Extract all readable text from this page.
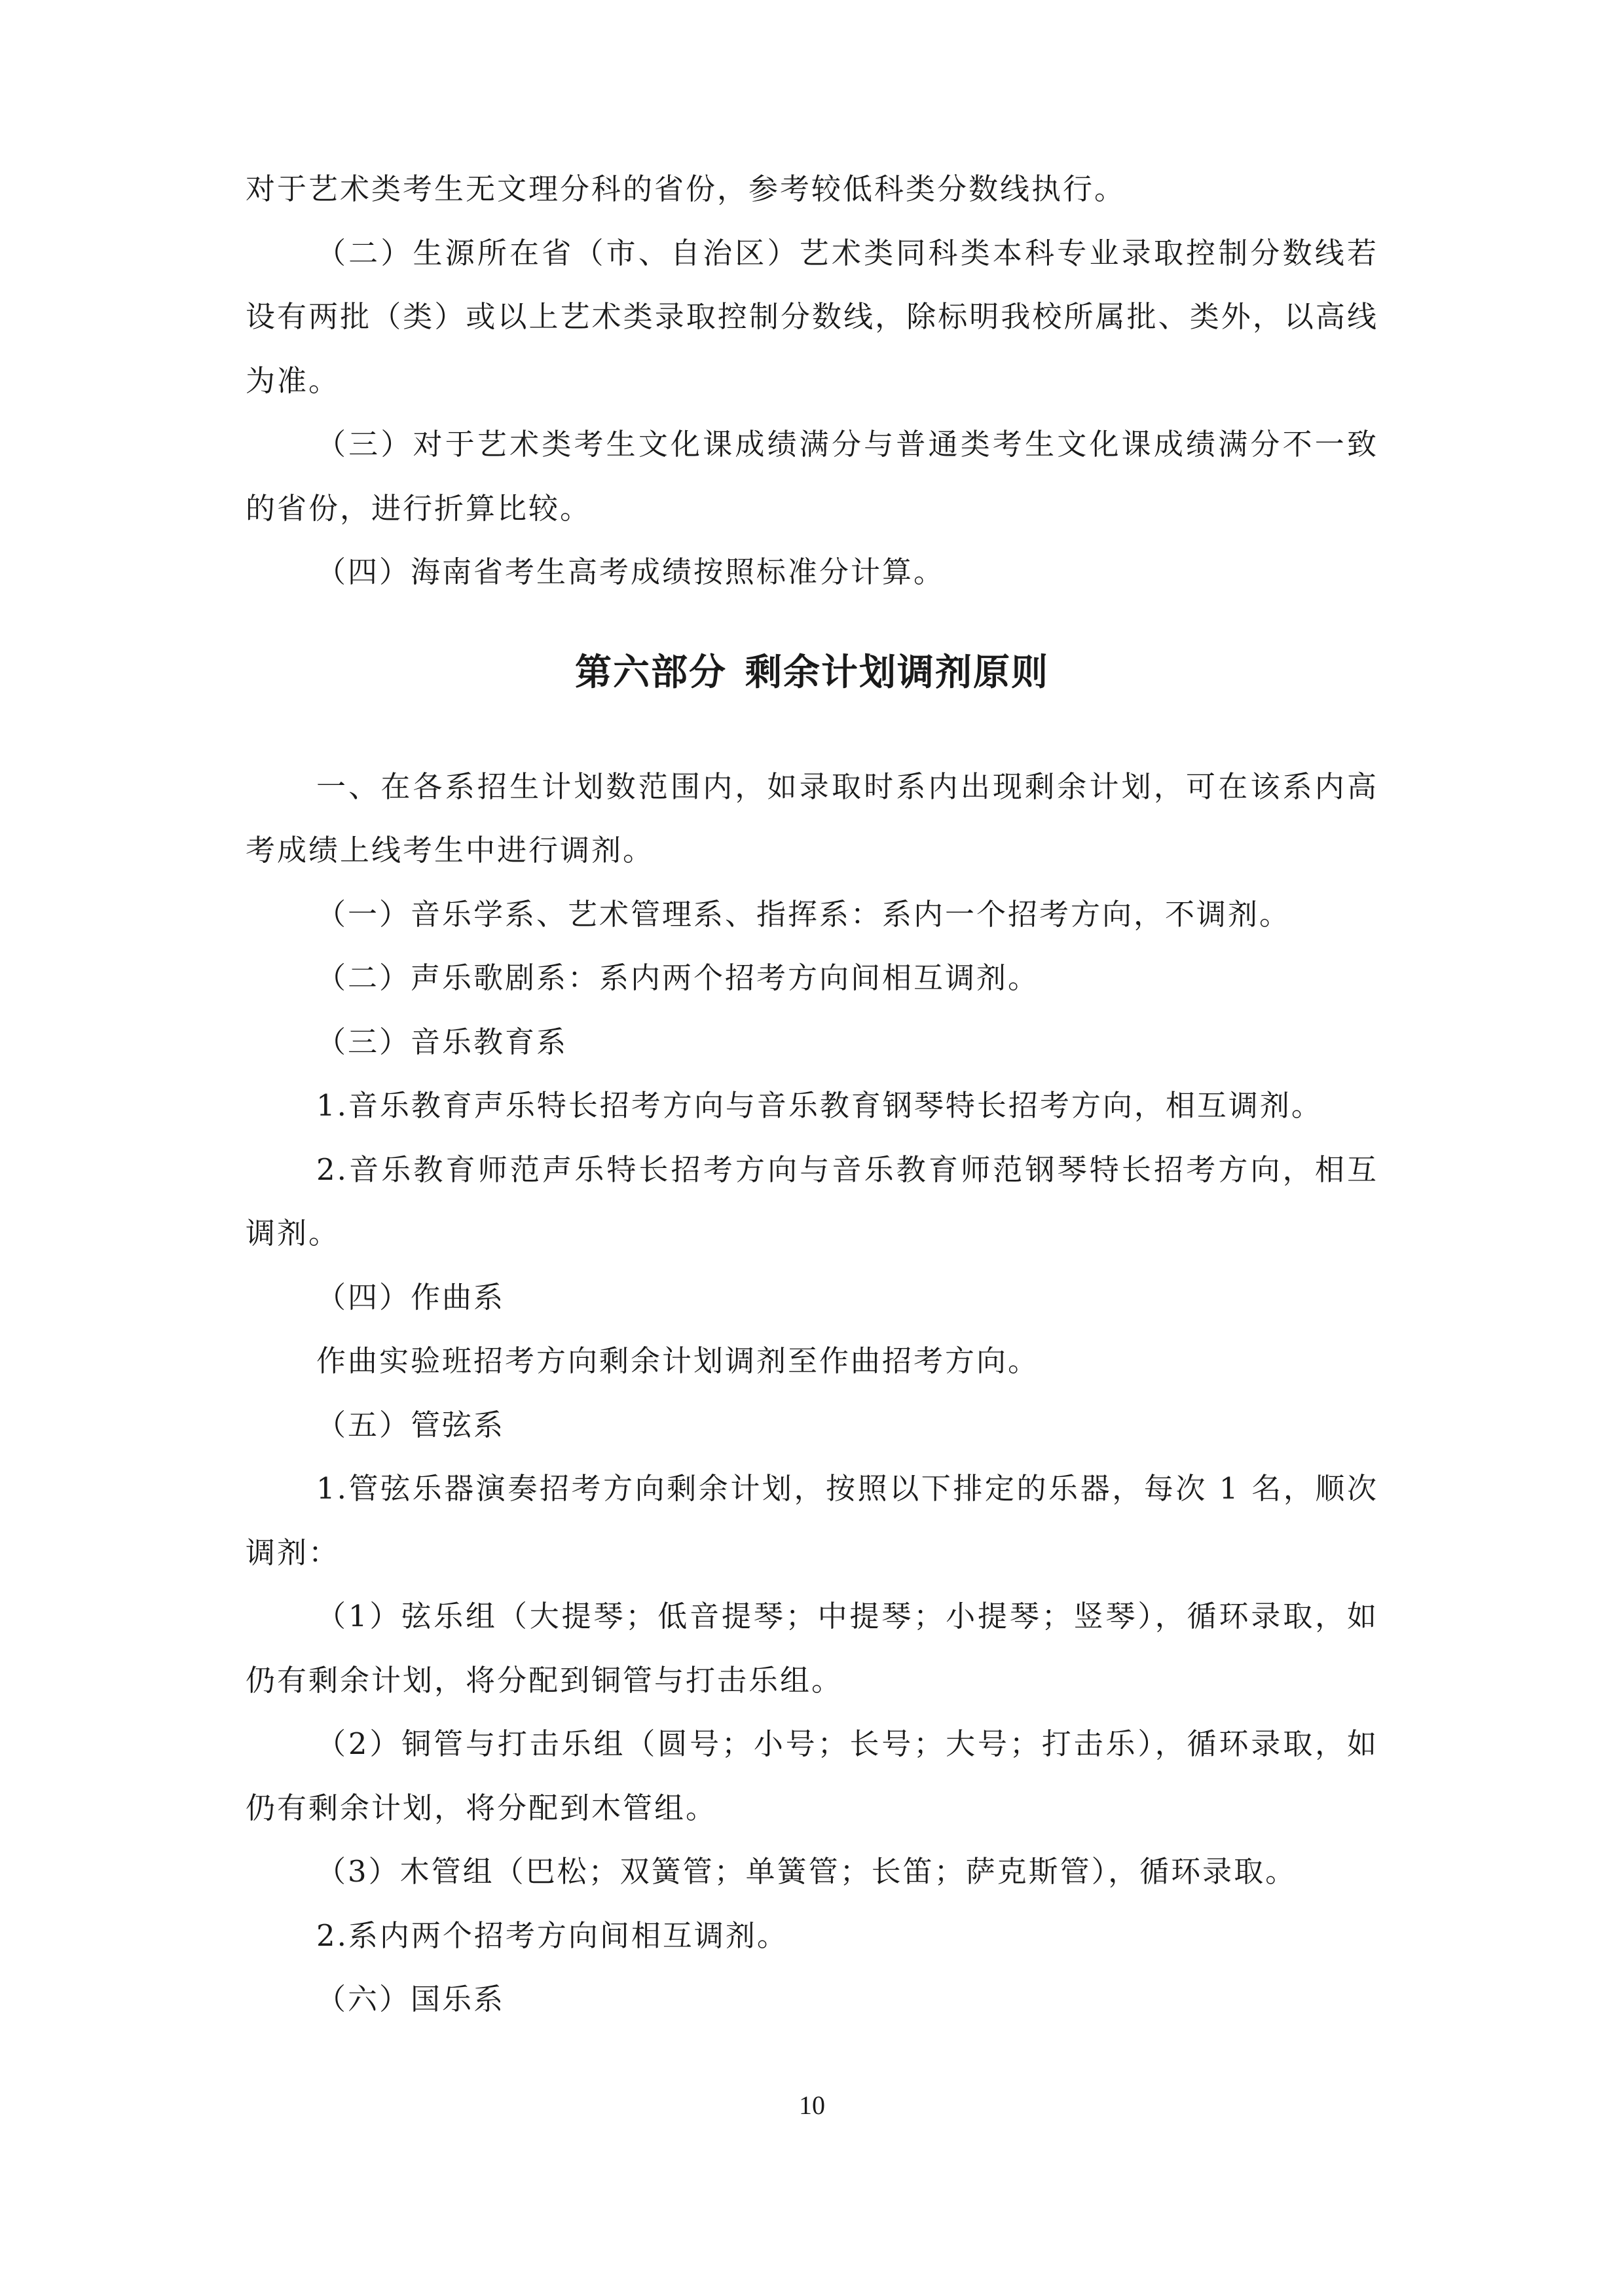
对于艺术类考生无文理分科的省份，参考较低科类分数线执行。

（二）生源所在省（市、自治区）艺术类同科类本科专业录取控制分数线若设有两批（类）或以上艺术类录取控制分数线，除标明我校所属批、类外，以高线为准。

（三）对于艺术类考生文化课成绩满分与普通类考生文化课成绩满分不一致的省份，进行折算比较。

（四）海南省考生高考成绩按照标准分计算。

第六部分 剩余计划调剂原则

一、在各系招生计划数范围内，如录取时系内出现剩余计划，可在该系内高考成绩上线考生中进行调剂。

（一）音乐学系、艺术管理系、指挥系：系内一个招考方向，不调剂。

（二）声乐歌剧系：系内两个招考方向间相互调剂。

（三）音乐教育系

1.音乐教育声乐特长招考方向与音乐教育钢琴特长招考方向，相互调剂。

2.音乐教育师范声乐特长招考方向与音乐教育师范钢琴特长招考方向，相互调剂。

（四）作曲系

作曲实验班招考方向剩余计划调剂至作曲招考方向。

（五）管弦系

1.管弦乐器演奏招考方向剩余计划，按照以下排定的乐器，每次 1 名，顺次调剂：

（1）弦乐组（大提琴；低音提琴；中提琴；小提琴；竖琴），循环录取，如仍有剩余计划，将分配到铜管与打击乐组。

（2）铜管与打击乐组（圆号；小号；长号；大号；打击乐），循环录取，如仍有剩余计划，将分配到木管组。

（3）木管组（巴松；双簧管；单簧管；长笛；萨克斯管），循环录取。

2.系内两个招考方向间相互调剂。

（六）国乐系

10
